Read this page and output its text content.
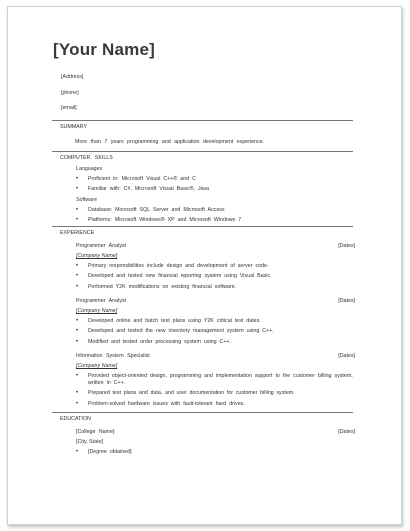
[Your Name]
[Address]
[phone]
[email]
SUMMARY
More than 7 years programming and application development experience.
COMPUTER SKILLS
Languages
• Proficient in: Microsoft Visual C++® and C
• Familiar with: C#, Microsoft Visual Basic®, Java
Software
• Database: Microsoft SQL Server and Microsoft Access
• Platforms: Microsoft Windows® XP and Microsoft Windows 7
EXPERIENCE
Programmer Analyst	[Dates]
[Company Name]
• Primary responsibilities include design and development of server code.
• Developed and tested new financial reporting system using Visual Basic.
• Performed Y2K modifications on existing financial software.
Programmer Analyst	[Dates]
[Company Name]
• Developed online and batch test plans using Y2K critical test dates.
• Developed and tested the new inventory management system using C++.
• Modified and tested order processing system using C++.
Information System Specialist	[Dates]
[Company Name]
• Provided object-oriented design, programming and implementation support to the customer billing system, written in C++.
• Prepared test plans and data, and user documentation for customer billing system.
• Problem-solved hardware issues with fault-tolerant hard drives.
EDUCATION
[College Name]	[Dates]
[City, State]
• [Degree obtained]
